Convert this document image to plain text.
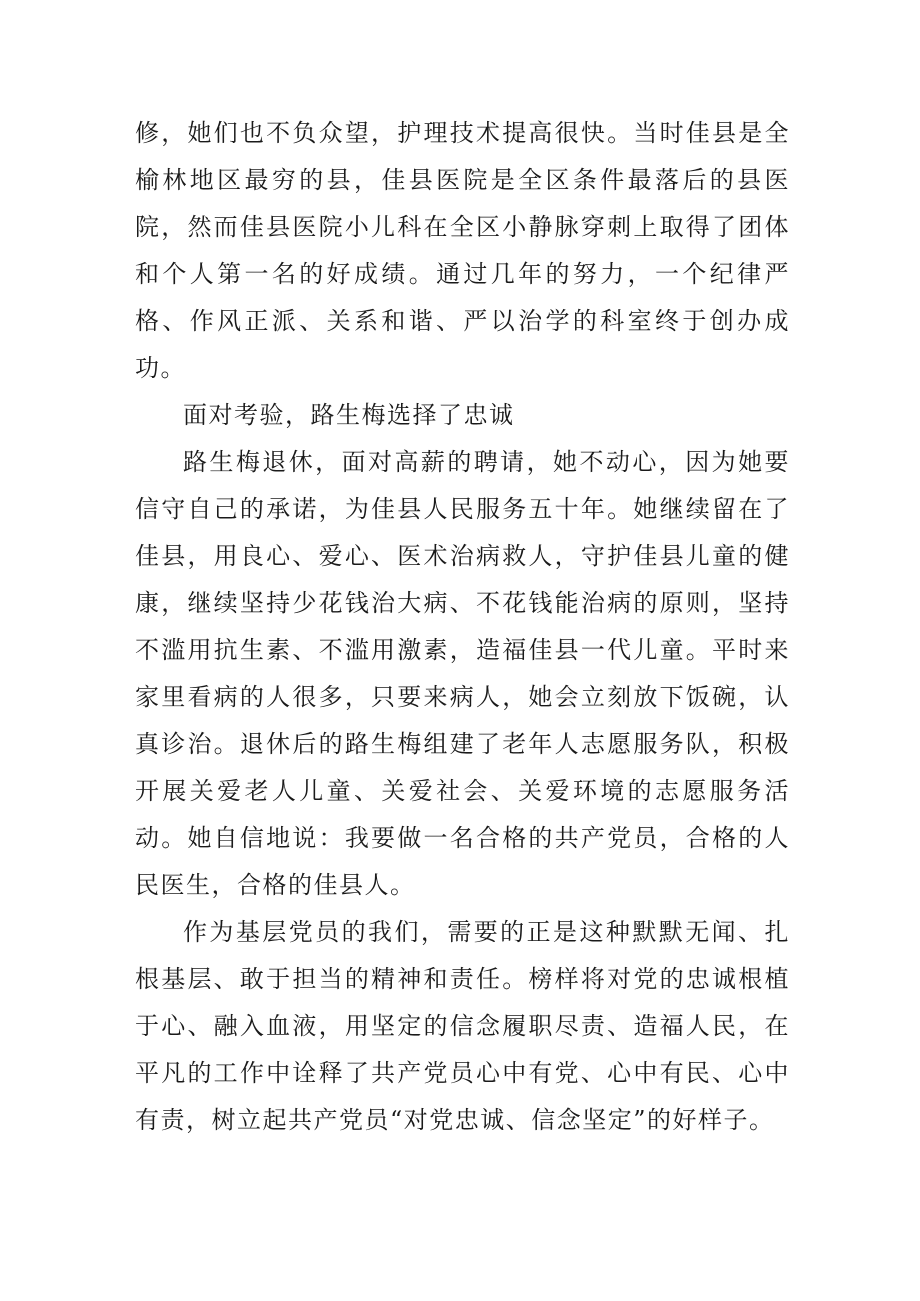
修，她们也不负众望，护理技术提高很快。当时佳县是全榆林地区最穷的县，佳县医院是全区条件最落后的县医院，然而佳县医院小儿科在全区小静脉穿刺上取得了团体和个人第一名的好成绩。通过几年的努力，一个纪律严格、作风正派、关系和谐、严以治学的科室终于创办成功。

面对考验，路生梅选择了忠诚

路生梅退休，面对高薪的聘请，她不动心，因为她要信守自己的承诺，为佳县人民服务五十年。她继续留在了佳县，用良心、爱心、医术治病救人，守护佳县儿童的健康，继续坚持少花钱治大病、不花钱能治病的原则，坚持不滥用抗生素、不滥用激素，造福佳县一代儿童。平时来家里看病的人很多，只要来病人，她会立刻放下饭碗，认真诊治。退休后的路生梅组建了老年人志愿服务队，积极开展关爱老人儿童、关爱社会、关爱环境的志愿服务活动。她自信地说：我要做一名合格的共产党员，合格的人民医生，合格的佳县人。

作为基层党员的我们，需要的正是这种默默无闻、扎根基层、敢于担当的精神和责任。榜样将对党的忠诚根植于心、融入血液，用坚定的信念履职尽责、造福人民，在平凡的工作中诠释了共产党员心中有党、心中有民、心中有责，树立起共产党员“对党忠诚、信念坚定”的好样子。
